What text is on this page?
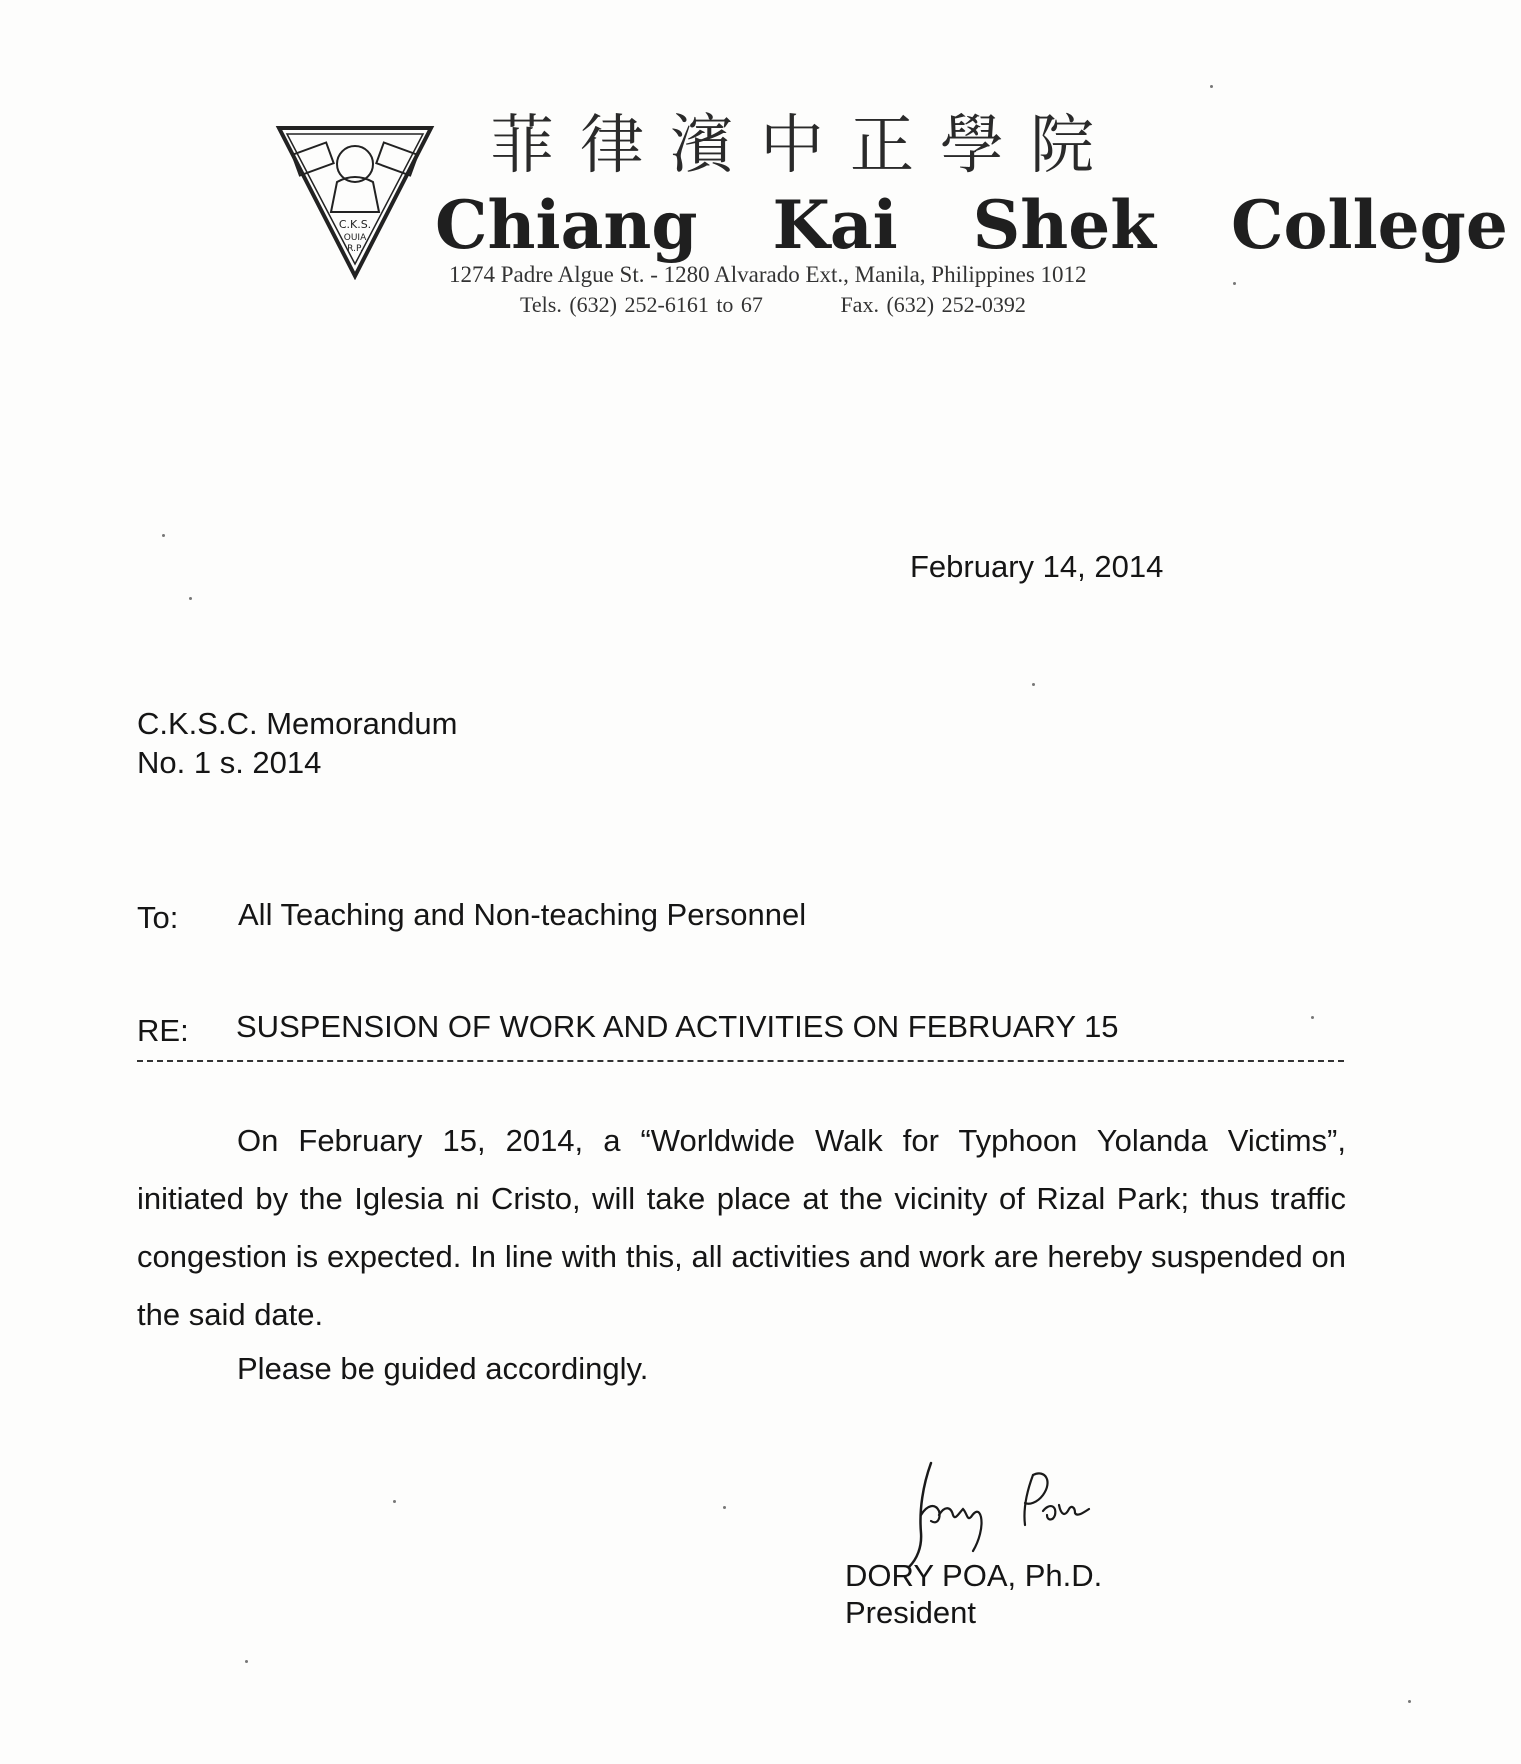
C.K.S.
OUIA
R.P.
菲律濱中正學院
Chiang Kai Shek College
1274 Padre Algue St. - 1280 Alvarado Ext., Manila, Philippines 1012
Tels. (632) 252-6161 to 67	Fax. (632) 252-0392
February 14, 2014
C.K.S.C. Memorandum
No. 1 s. 2014
To: All Teaching and Non-teaching Personnel
RE: SUSPENSION OF WORK AND ACTIVITIES ON FEBRUARY 15
On February 15, 2014, a “Worldwide Walk for Typhoon Yolanda Victims”, initiated by the Iglesia ni Cristo, will take place at the vicinity of Rizal Park; thus traffic congestion is expected. In line with this, all activities and work are hereby suspended on the said date.
Please be guided accordingly.
DORY POA, Ph.D.
President
